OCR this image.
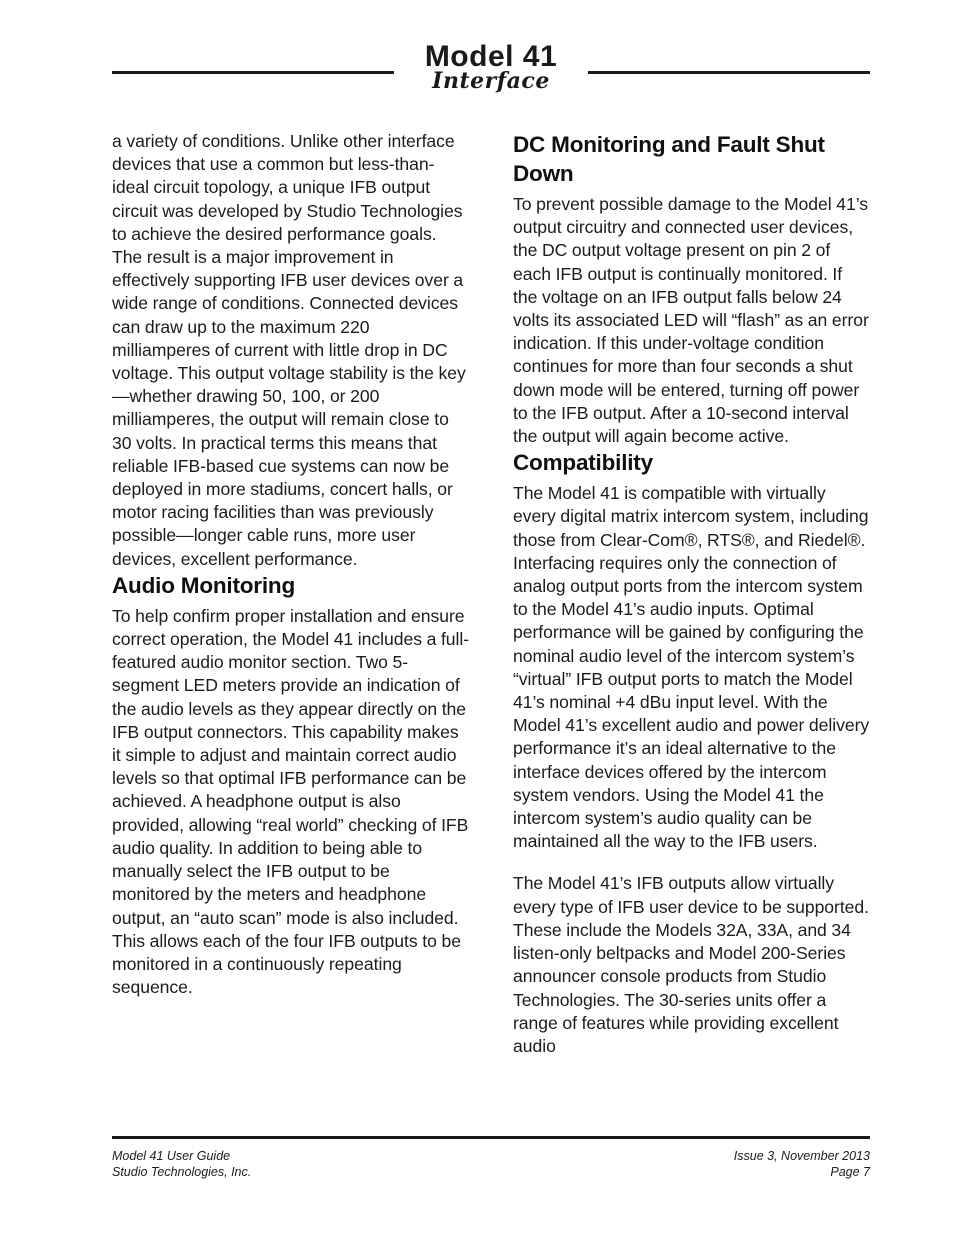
Model 41
Interface

a variety of conditions. Unlike other interface devices that use a common but less-than-ideal circuit topology, a unique IFB output circuit was developed by Studio Technologies to achieve the desired performance goals. The result is a major improvement in effectively supporting IFB user devices over a wide range of conditions. Connected devices can draw up to the maximum 220 milliamperes of current with little drop in DC voltage. This output voltage stability is the key—whether drawing 50, 100, or 200 milliamperes, the output will remain close to 30 volts. In practical terms this means that reliable IFB-based cue systems can now be deployed in more stadiums, concert halls, or motor racing facilities than was previously possible—longer cable runs, more user devices, excellent performance.

Audio Monitoring

To help confirm proper installation and ensure correct operation, the Model 41 includes a full-featured audio monitor section. Two 5-segment LED meters provide an indication of the audio levels as they appear directly on the IFB output connectors. This capability makes it simple to adjust and maintain correct audio levels so that optimal IFB performance can be achieved. A headphone output is also provided, allowing “real world” checking of IFB audio quality. In addition to being able to manually select the IFB output to be monitored by the meters and headphone output, an “auto scan” mode is also included. This allows each of the four IFB outputs to be monitored in a continuously repeating sequence.

DC Monitoring and Fault Shut Down

To prevent possible damage to the Model 41’s output circuitry and connected user devices, the DC output voltage present on pin 2 of each IFB output is continually monitored. If the voltage on an IFB output falls below 24 volts its associated LED will “flash” as an error indication. If this under-voltage condition continues for more than four seconds a shut down mode will be entered, turning off power to the IFB output. After a 10-second interval the output will again become active.

Compatibility

The Model 41 is compatible with virtually every digital matrix intercom system, including those from Clear-Com®, RTS®, and Riedel®. Interfacing requires only the connection of analog output ports from the intercom system to the Model 41’s audio inputs. Optimal performance will be gained by configuring the nominal audio level of the intercom system’s “virtual” IFB output ports to match the Model 41’s nominal +4 dBu input level. With the Model 41’s excellent audio and power delivery performance it’s an ideal alternative to the interface devices offered by the intercom system vendors. Using the Model 41 the intercom system’s audio quality can be maintained all the way to the IFB users.

The Model 41’s IFB outputs allow virtually every type of IFB user device to be supported. These include the Models 32A, 33A, and 34 listen-only beltpacks and Model 200-Series announcer console products from Studio Technologies. The 30-series units offer a range of features while providing excellent audio

Model 41 User Guide
Studio Technologies, Inc.
Issue 3, November 2013
Page 7
